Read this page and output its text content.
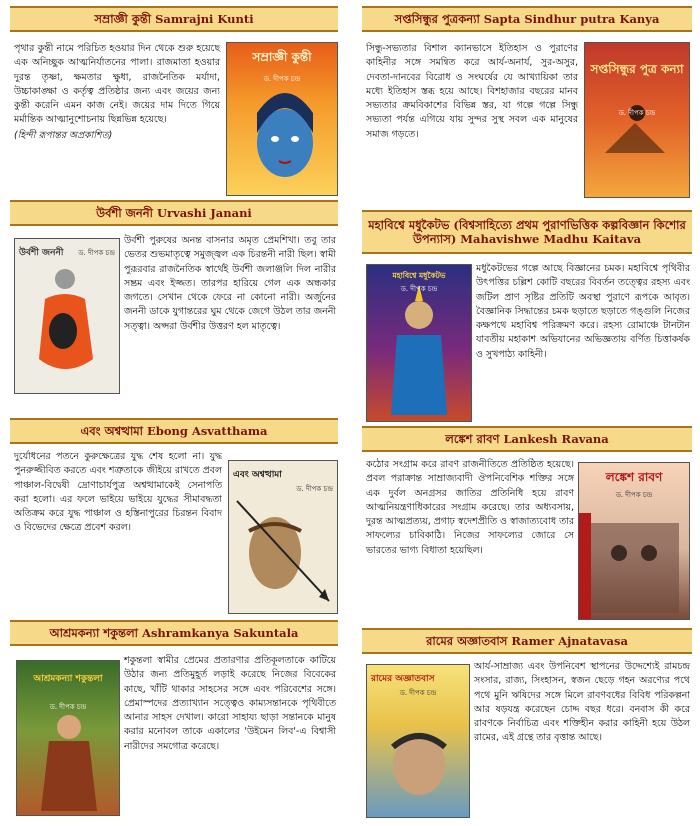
সম্রাজ্ঞী কুন্তী Samrajni Kunti

পৃথার কুন্তী নামে পরিচিত হওয়ার দিন থেকে শুরু হয়েছে এক অনিচ্ছুক আত্মনির্যাতনের পালা। রাজমাতা হওয়ার দুরন্ত তৃষ্ণা, ক্ষমতার ক্ষুধা, রাজনৈতিক মর্যাদা, উচ্চাকাঙ্ক্ষা ও কর্তৃত্ব প্রতিষ্ঠার জন্য এবং জয়ের জন্য কুন্তী করেনি এমন কাজ নেই। জয়ের দাম দিতে গিয়ে মর্মান্তিক আত্মানুশোচনায় ছিন্নভিন্ন হয়েছে।

(হিন্দী রূপান্তর অপ্রকাশিত)

সম্রাজ্ঞী কুন্তী
ড. দীপক চন্দ্র
সপ্তসিন্ধুর পুত্রকন্যা Sapta Sindhur putra Kanya
সিন্ধু-সভ্যতার বিশাল ক্যানভাসে ইতিহাস ও পুরাণের কাহিনীর সঙ্গে সমন্বিত করে আর্য-অনার্য, সুর-অসুর, দেবতা-দানবের বিরোধ ও সংঘর্ষের যে আখ্যায়িকা তার মধ্যে ইতিহাস স্তব্ধ হয়ে আছে। বিশহাজার বছরের মানব সভ্যতার ক্রমবিকাশের বিভিন্ন স্তর, যা গল্পে গল্পে সিন্ধু সভ্যতা পর্যন্ত এগিয়ে যায় সুন্দর সুস্থ সবল এক মানুষের সমাজ গড়তে।
সপ্তসিন্ধুর পুত্র কন্যা
ড. দীপক চন্দ্র
উর্বশী জননী Urvashi Janani
উর্বশী জননী	ড. দীপক চন্দ্র
উর্বশী পুরুষের অনন্ত বাসনার অমৃত প্রেমশিখা। তবু তার ভেতর শুভমাতৃত্বে সমুজ্জ্বল এক চিরন্তনী নারী ছিল। স্বামী পুরূরবার রাজনৈতিক স্বার্থেই উর্বশী জলাঞ্জলি দিল নারীর সম্ভ্রম এবং ইজ্জত। তারপর হারিয়ে গেল এক অন্ধকার জগতে। সেখান থেকে ফেরে না কোনো নারী। অর্জুনের জননী ডাকে যুগান্তরের ঘুম থেকে জেগে উঠল তার জননী সত্ত্বা। অপ্সরা উর্বশীর উত্তরণ হল মাতৃত্বে।
মহাবিশ্বে মধুকৈটভ (বিশ্বসাহিত্যে প্রথম পুরাণভিত্তিক কল্পবিজ্ঞান কিশোর উপন্যাস) Mahavishwe Madhu Kaitava
মহাবিশ্বে মধুকৈটভ
ড. দীপক চন্দ্র
মধুকৈটভের গল্পে আছে বিজ্ঞানের চমক। মহাবিশ্বে পৃথিবীর উৎপত্তির চল্লিশ কোটি বছরের বিবর্তন তত্ত্বের রহস্য এবং জটিল প্রাণ সৃষ্টির প্রতিটি অবস্থা পুরাণে রূপকে আবৃত। বৈজ্ঞানিক সিদ্ধান্তের চমক ছড়াতে ছড়াতে গঙ্গুলি নিজের কক্ষপথে মহাবিশ্ব পরিক্রমণ করে। রহস্য রোমাঞ্চে টানটান যাবতীয় মহাকাশ অভিযানের অভিজ্ঞতায় বর্ণিত চিত্তাকর্ষক ও সুখপাঠ্য কাহিনী।
এবং অশ্বত্থামা Ebong Asvatthama
দুর্যোধনের পতনে কুরুক্ষেত্রের যুদ্ধ শেষ হলো না। যুদ্ধ পুনরুজ্জীবিত করতে এবং শত্রুতাকে জীইয়ে রাখতে প্রবল পাঞ্চাল-বিদ্বেষী দ্রোণাচার্যপুত্র অশ্বত্থামাকেই সেনাপতি করা হলো। এর ফলে ভাইয়ে ভাইয়ে যুদ্ধের সীমাবদ্ধতা অতিক্রম করে যুদ্ধ পাঞ্চাল ও হস্তিনাপুরের চিরন্তন বিবাদ ও বিভেদের ক্ষেত্রে প্রবেশ করল।
এবং অশ্বত্থামা
ড. দীপক চন্দ্র
লঙ্কেশ রাবণ Lankesh Ravana
কঠোর সংগ্রাম করে রাবণ রাজনীতিতে প্রতিষ্ঠিত হয়েছে। প্রবল পরাক্রান্ত সাম্রাজ্যবাদী ঔপনিবেশিক শক্তির সঙ্গে এক দুর্বল অনগ্রসর জাতির প্রতিনিধি হয়ে রাবণ আত্মনিয়ন্ত্রণাধিকারের সংগ্রাম করেছে। তার অধ্যবসায়, দুরন্ত আত্মপ্রত্যয়, প্রগাঢ় স্বদেশপ্রীতি ও স্বাজাত্যবোধ তার সাফল্যের চাবিকাঠি। নিজের সাফল্যের জোরে সে ভারতের ভাগ্য বিধাতা হয়েছিল।
লঙ্কেশ রাবণ
ড. দীপক চন্দ্র
আশ্রমকন্যা শকুন্তলা Ashramkanya Sakuntala
আশ্রমকন্যা শকুন্তলা
ড. দীপক চন্দ্র
শকুন্তলা স্বামীর প্রেমের প্রতারণার প্রতিকূলতাকে কাটিয়ে উঠার জন্য প্রতিমুহূর্ত লড়াই করেছে নিজের বিবেকের কাছে, খাঁটি থাকার সাহসের সঙ্গে এবং পরিবেশের সঙ্গে। প্রেমাস্পদের প্রত্যাখ্যান সত্ত্বেও কাম্যসন্তানকে পৃথিবীতে আনার সাহস দেখাল। কারো সাহায্য ছাড়া সন্তানকে মানুষ করার মনোবল তাকে একালের 'উইমেন লিব'-এ বিশ্বাসী নারীদের সমগোত্র করেছে।
রামের অজ্ঞাতবাস Ramer Ajnatavasa
রামের অজ্ঞাতবাস
ড. দীপক চন্দ্র
আর্য-সাম্রাজ্য এবং উপনিবেশ স্থাপনের উদ্দেশ্যেই রামচন্দ্র সংসার, রাজ্য, সিংহাসন, স্বজন ছেড়ে গহন অরণ্যের পথে পথে মুনি ঋষিদের সঙ্গে মিলে রাবণবধের বিবিধ পরিকল্পনা আর ষড়যন্ত্র করেছেন চোদ্দ বছর ধরে। বনবাস কী করে রাবণকে নির্বাচিত্র এবং শক্তিহীন করার কাহিনী হয়ে উঠল রামের, এই গ্রন্থে তার বৃত্তান্ত আছে।
